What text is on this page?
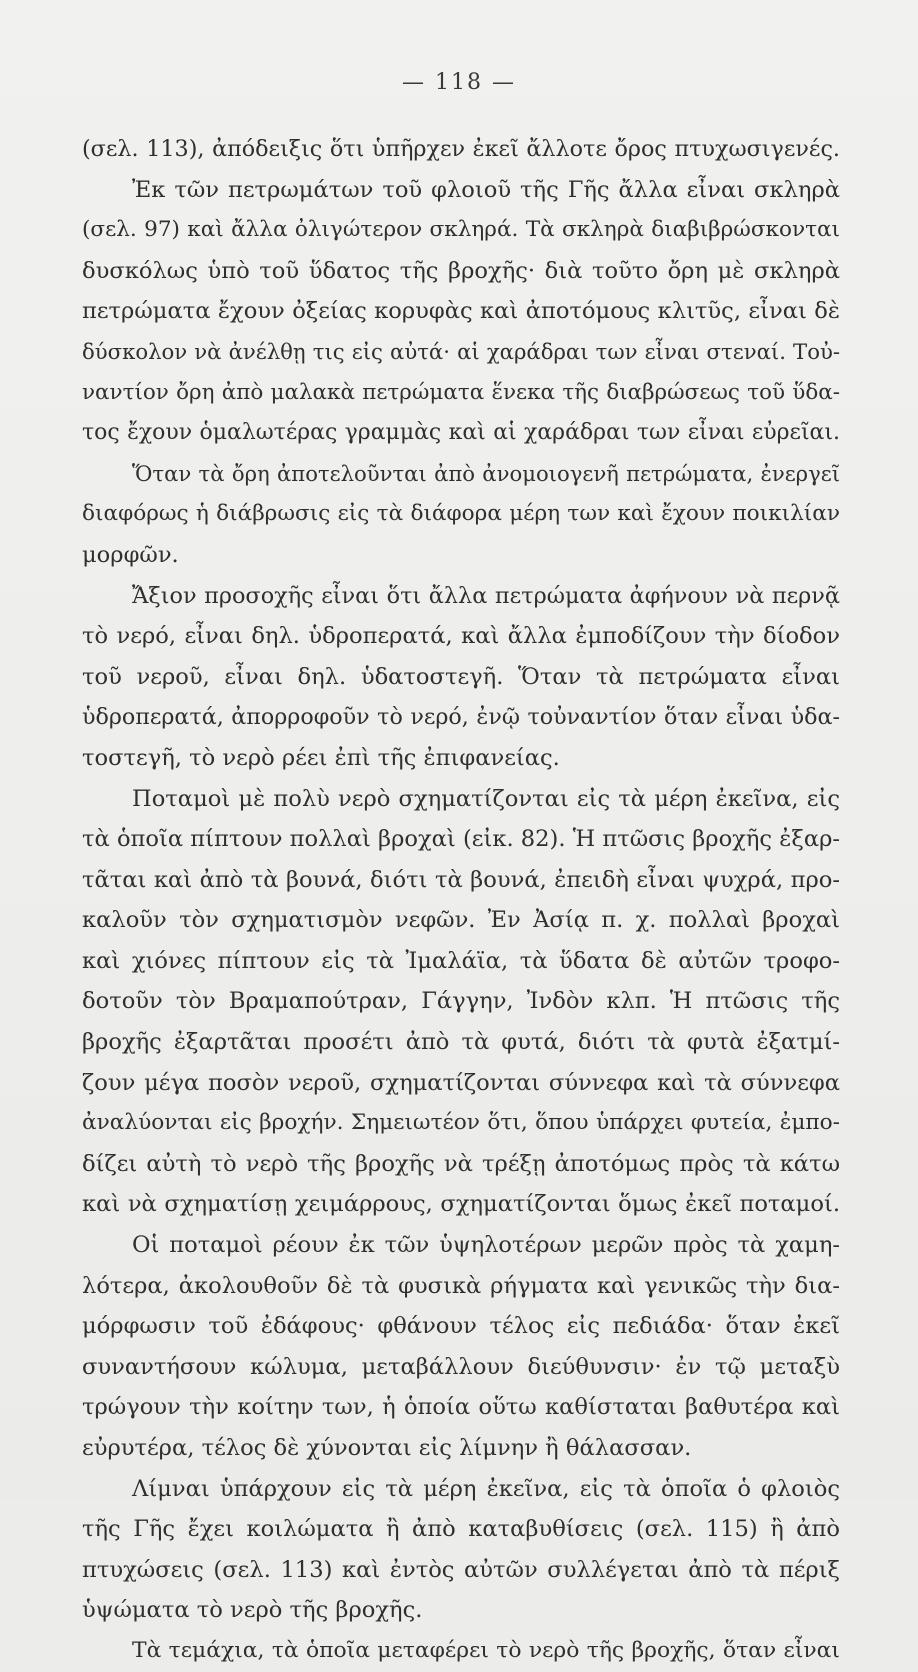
— 118 —
(σελ. 113), ἀπόδειξις ὅτι ὑπῆρχεν ἐκεῖ ἄλλοτε ὄρος πτυχωσιγενές.
Ἐκ τῶν πετρωμάτων τοῦ φλοιοῦ τῆς Γῆς ἄλλα εἶναι σκληρὰ
(σελ. 97) καὶ ἄλλα ὀλιγώτερον σκληρά. Τὰ σκληρὰ διαβιβρώσκονται
δυσκόλως ὑπὸ τοῦ ὕδατος τῆς βροχῆς· διὰ τοῦτο ὄρη μὲ σκληρὰ
πετρώματα ἔχουν ὀξείας κορυφὰς καὶ ἀποτόμους κλιτῦς, εἶναι δὲ
δύσκολον νὰ ἀνέλθῃ τις εἰς αὐτά· αἱ χαράδραι των εἶναι στεναί. Τοὐ-
ναντίον ὄρη ἀπὸ μαλακὰ πετρώματα ἕνεκα τῆς διαβρώσεως τοῦ ὕδα-
τος ἔχουν ὁμαλωτέρας γραμμὰς καὶ αἱ χαράδραι των εἶναι εὐρεῖαι.
Ὅταν τὰ ὄρη ἀποτελοῦνται ἀπὸ ἀνομοιογενῆ πετρώματα, ἐνεργεῖ
διαφόρως ἡ διάβρωσις εἰς τὰ διάφορα μέρη των καὶ ἔχουν ποικιλίαν
μορφῶν.
Ἄξιον προσοχῆς εἶναι ὅτι ἄλλα πετρώματα ἀφήνουν νὰ περνᾷ
τὸ νερό, εἶναι δηλ. ὑδροπερατά, καὶ ἄλλα ἐμποδίζουν τὴν δίοδον
τοῦ νεροῦ, εἶναι δηλ. ὑδατοστεγῆ. Ὅταν τὰ πετρώματα εἶναι
ὑδροπερατά, ἀπορροφοῦν τὸ νερό, ἐνῷ τοὐναντίον ὅταν εἶναι ὑδα-
τοστεγῆ, τὸ νερὸ ρέει ἐπὶ τῆς ἐπιφανείας.
Ποταμοὶ μὲ πολὺ νερὸ σχηματίζονται εἰς τὰ μέρη ἐκεῖνα, εἰς
τὰ ὁποῖα πίπτουν πολλαὶ βροχαὶ (εἰκ. 82). Ἡ πτῶσις βροχῆς ἐξαρ-
τᾶται καὶ ἀπὸ τὰ βουνά, διότι τὰ βουνά, ἐπειδὴ εἶναι ψυχρά, προ-
καλοῦν τὸν σχηματισμὸν νεφῶν. Ἐν Ἀσίᾳ π. χ. πολλαὶ βροχαὶ
καὶ χιόνες πίπτουν εἰς τὰ Ἰμαλάϊα, τὰ ὕδατα δὲ αὐτῶν τροφο-
δοτοῦν τὸν Βραμαπούτραν, Γάγγην, Ἰνδὸν κλπ. Ἡ πτῶσις τῆς
βροχῆς ἐξαρτᾶται προσέτι ἀπὸ τὰ φυτά, διότι τὰ φυτὰ ἐξατμί-
ζουν μέγα ποσὸν νεροῦ, σχηματίζονται σύννεφα καὶ τὰ σύννεφα
ἀναλύονται εἰς βροχήν. Σημειωτέον ὅτι, ὅπου ὑπάρχει φυτεία, ἐμπο-
δίζει αὐτὴ τὸ νερὸ τῆς βροχῆς νὰ τρέξῃ ἀποτόμως πρὸς τὰ κάτω
καὶ νὰ σχηματίσῃ χειμάρρους, σχηματίζονται ὅμως ἐκεῖ ποταμοί.
Οἱ ποταμοὶ ρέουν ἐκ τῶν ὑψηλοτέρων μερῶν πρὸς τὰ χαμη-
λότερα, ἀκολουθοῦν δὲ τὰ φυσικὰ ρήγματα καὶ γενικῶς τὴν δια-
μόρφωσιν τοῦ ἐδάφους· φθάνουν τέλος εἰς πεδιάδα· ὅταν ἐκεῖ
συναντήσουν κώλυμα, μεταβάλλουν διεύθυνσιν· ἐν τῷ μεταξὺ
τρώγουν τὴν κοίτην των, ἡ ὁποία οὕτω καθίσταται βαθυτέρα καὶ
εὐρυτέρα, τέλος δὲ χύνονται εἰς λίμνην ἢ θάλασσαν.
Λίμναι ὑπάρχουν εἰς τὰ μέρη ἐκεῖνα, εἰς τὰ ὁποῖα ὁ φλοιὸς
τῆς Γῆς ἔχει κοιλώματα ἢ ἀπὸ καταβυθίσεις (σελ. 115) ἢ ἀπὸ
πτυχώσεις (σελ. 113) καὶ ἐντὸς αὐτῶν συλλέγεται ἀπὸ τὰ πέριξ
ὑψώματα τὸ νερὸ τῆς βροχῆς.
Τὰ τεμάχια, τὰ ὁποῖα μεταφέρει τὸ νερὸ τῆς βροχῆς, ὅταν εἶναι
